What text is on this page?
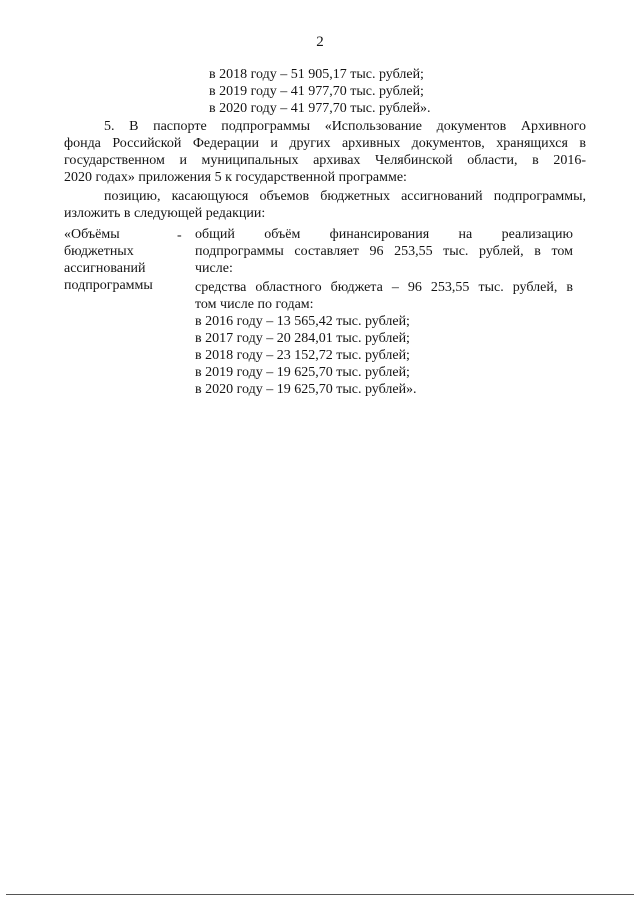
2
в 2018 году – 51 905,17 тыс. рублей;
в 2019 году – 41 977,70 тыс. рублей;
в 2020 году – 41 977,70 тыс. рублей».
5. В паспорте подпрограммы «Использование документов Архивного
фонда Российской Федерации и других архивных документов, хранящихся в
государственном и муниципальных архивах Челябинской области, в 2016-
2020 годах» приложения 5 к государственной программе:
позицию, касающуюся объемов бюджетных ассигнований подпрограммы,
изложить в следующей редакции:
«Объёмы
бюджетных
ассигнований
подпрограммы
- общий объём финансирования на реализацию
подпрограммы составляет 96 253,55 тыс. рублей, в том
числе:
средства областного бюджета – 96 253,55 тыс. рублей, в
том числе по годам:
в 2016 году – 13 565,42 тыс. рублей;
в 2017 году – 20 284,01 тыс. рублей;
в 2018 году – 23 152,72 тыс. рублей;
в 2019 году – 19 625,70 тыс. рублей;
в 2020 году – 19 625,70 тыс. рублей».
